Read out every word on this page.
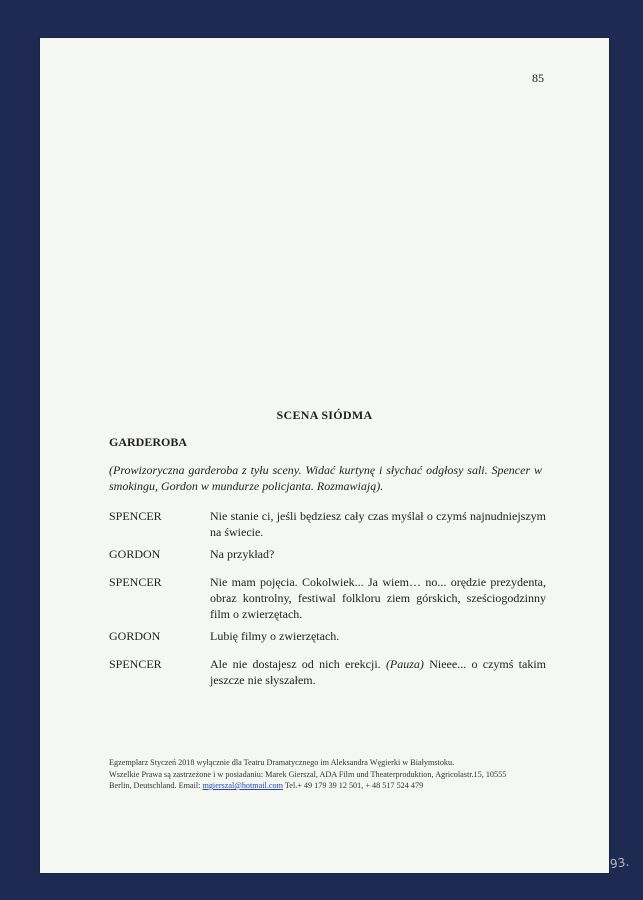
85
SCENA SIÓDMA
GARDEROBA
(Prowizoryczna garderoba z tyłu sceny. Widać kurtynę i słychać odgłosy sali. Spencer w smokingu, Gordon w mundurze policjanta. Rozmawiają).
SPENCER	Nie stanie ci, jeśli będziesz cały czas myślał o czymś najnudniejszym na świecie.
GORDON	Na przykład?
SPENCER	Nie mam pojęcia. Cokolwiek... Ja wiem… no... orędzie prezydenta, obraz kontrolny, festiwal folkloru ziem górskich, sześciogodzinny film o zwierzętach.
GORDON	Lubię filmy o zwierzętach.
SPENCER	Ale nie dostajesz od nich erekcji. (Pauza) Nieee... o czymś takim jeszcze nie słyszałem.
Egzemplarz Styczeń 2018 wyłącznie dla Teatru Dramatycznego im Aleksandra Węgierki w Białymstoku.
Wszelkie Prawa są zastrzeżone i w posiadaniu: Marek Gierszal, ADA Film und Theaterproduktion, Agricolastr.15, 10555
Berlin, Deutschland. Email: mgierszal@hotmail.com Tel.+ 49 179 39 12 501, + 48 517 524 479
93.
